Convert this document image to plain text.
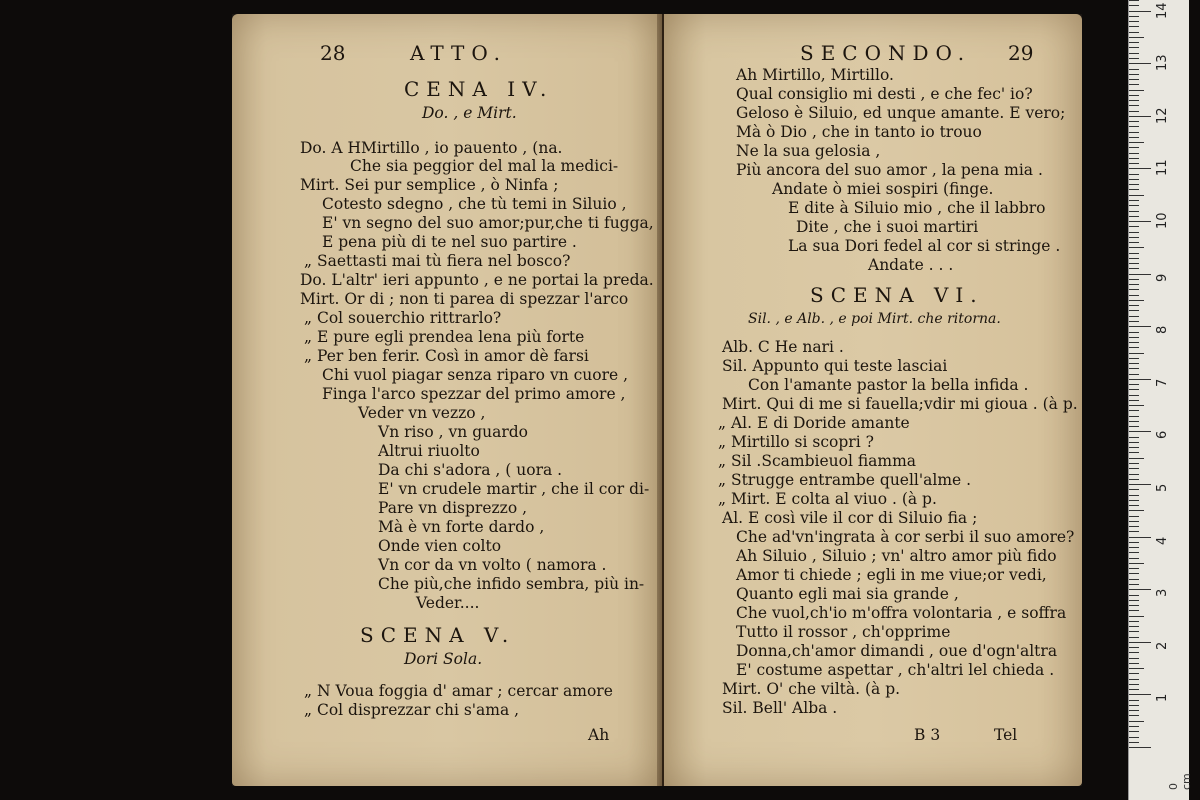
28	ATTO.
CENA IV.
Do. , e Mirt.
Do. A HMirtillo , io pauento , (na.
Che sia peggior del mal la medici-
Mirt. Sei pur semplice , ò Ninfa ;
Cotesto sdegno , che tù temi in Siluio ,
E' vn segno del suo amor;pur,che ti fugga,
E pena più di te nel suo partire .
„ Saettasti mai tù fiera nel bosco?
Do. L'altr' ieri appunto , e ne portai la preda.
Mirt. Or di ; non ti parea di spezzar l'arco
„ Col souerchio rittrarlo?
„ E pure egli prendea lena più forte
„ Per ben ferir. Così in amor dè farsi
Chi vuol piagar senza riparo vn cuore ,
Finga l'arco spezzar del primo amore ,
Veder vn vezzo ,
Vn riso , vn guardo
Altrui riuolto
Da chi s'adora , ( uora .
E' vn crudele martir , che il cor di-
Pare vn disprezzo ,
Mà è vn forte dardo ,
Onde vien colto
Vn cor da vn volto ( namora .
Che più,che infido sembra, più in-
Veder....
SCENA V.
Dori Sola.
„ N Voua foggia d' amar ; cercar amore
„ Col disprezzar chi s'ama ,
Ah
SECONDO. 29
Ah Mirtillo, Mirtillo.
Qual consiglio mi desti , e che fec' io?
Geloso è Siluio, ed unque amante. E vero;
Mà ò Dio , che in tanto io trouo
Ne la sua gelosia ,
Più ancora del suo amor , la pena mia .
Andate ò miei sospiri (finge.
E dite à Siluio mio , che il labbro
Dite , che i suoi martiri
La sua Dori fedel al cor si stringe .
Andate . . .
SCENA VI.
Sil. , e Alb. , e poi Mirt. che ritorna.
Alb. C He nari .
Sil. Appunto qui teste lasciai
Con l'amante pastor la bella infida .
Mirt. Qui di me si fauella;vdir mi gioua . (à p.
„ Al. E di Doride amante
„ Mirtillo si scopri ?
„ Sil .Scambieuol fiamma
„ Strugge entrambe quell'alme .
„ Mirt. E colta al viuo . (à p.
Al. E così vile il cor di Siluio fia ;
Che ad'vn'ingrata à cor serbi il suo amore?
Ah Siluio , Siluio ; vn' altro amor più fido
Amor ti chiede ; egli in me viue;or vedi,
Quanto egli mai sia grande ,
Che vuol,ch'io m'offra volontaria , e soffra
Tutto il rossor , ch'opprime
Donna,ch'amor dimandi , oue d'ogn'altra
E' costume aspettar , ch'altri lel chieda .
Mirt. O' che viltà. (à p.
Sil. Bell' Alba .
B 3	Tel
0 cm
14
13
12
11
10
9
8
7
6
5
4
3
2
1
